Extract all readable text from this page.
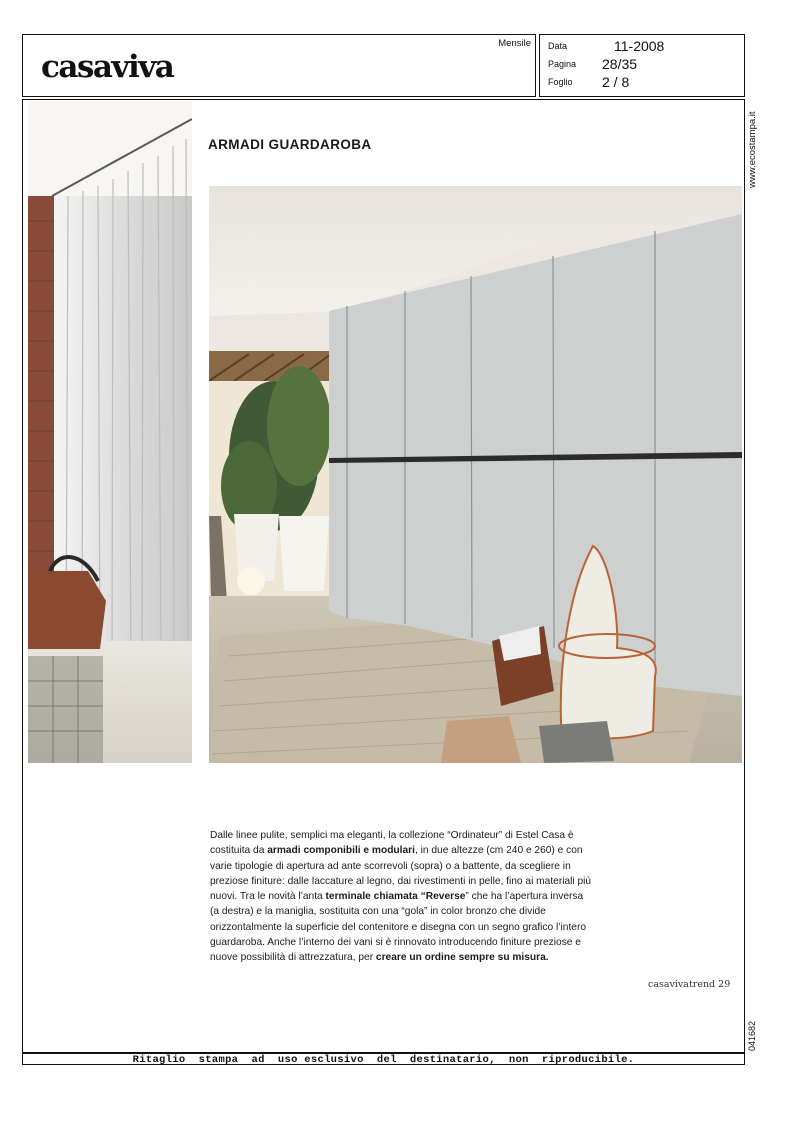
casaviva
Mensile Data	11-2008
Pagina 28/35
Foglio 2 / 8
www.ecostampa.it
041682
ARMADI GUARDAROBA
Dalle linee pulite, semplici ma eleganti, la collezione “Ordinateur” di Estel Casa è costituita da armadi componibili e modulari, in due altezze (cm 240 e 260) e con varie tipologie di apertura ad ante scorrevoli (sopra) o a battente, da scegliere in preziose finiture: dalle laccature al legno, dai rivestimenti in pelle, fino ai materiali più nuovi. Tra le novità l’anta terminale chiamata “Reverse” che ha l’apertura inversa (a destra) e la maniglia, sostituita con una “gola” in color bronzo che divide orizzontalmente la superficie del contenitore e disegna con un segno grafico l’intero guardaroba. Anche l’interno dei vani si è rinnovato introducendo finiture preziose e nuove possibilità di attrezzatura, per creare un ordine sempre su misura.
casavivatrend 29
Ritaglio  stampa  ad  uso esclusivo  del  destinatario,  non  riproducibile.
